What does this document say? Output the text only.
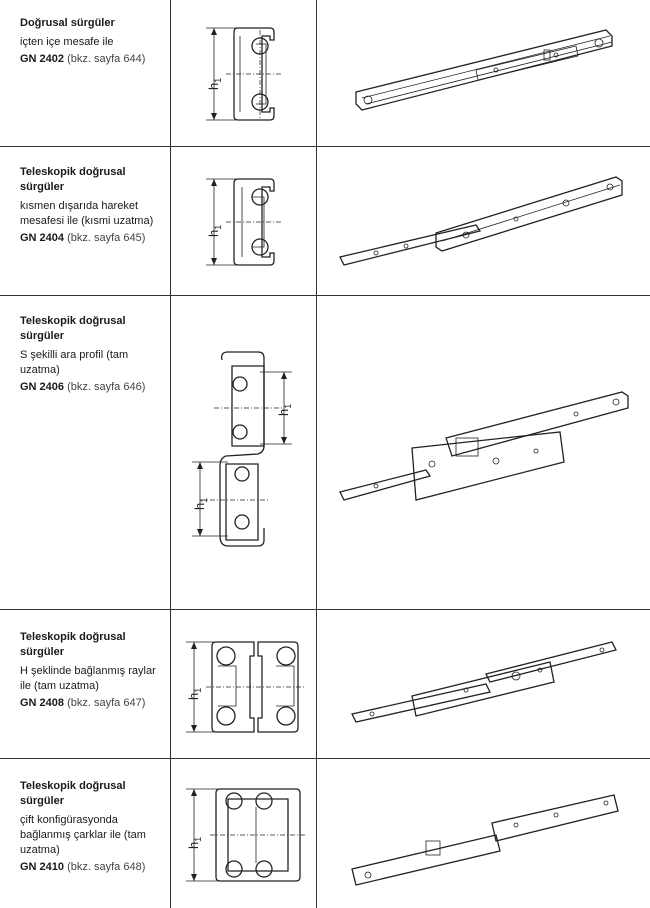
Doğrusal sürgüler
içten içe mesafe ile
GN 2402 (bkz. sayfa 644)
$h_1$
Teleskopik doğrusal sürgüler
kısmen dışarıda hareket mesafesi ile (kısmi uzatma)
GN 2404 (bkz. sayfa 645)	$h_1$
Teleskopik doğrusal sürgüler
S şekilli ara profil (tam uzatma)
GN 2406 (bkz. sayfa 646)
$h_1$
$h_1$
Teleskopik doğrusal sürgüler
H şeklinde bağlanmış raylar ile (tam uzatma)
GN 2408 (bkz. sayfa 647)
$h_1$
Teleskopik doğrusal sürgüler
çift konfigürasyonda bağlanmış çarklar ile (tam uzatma)
GN 2410 (bkz. sayfa 648)
$h_1$
